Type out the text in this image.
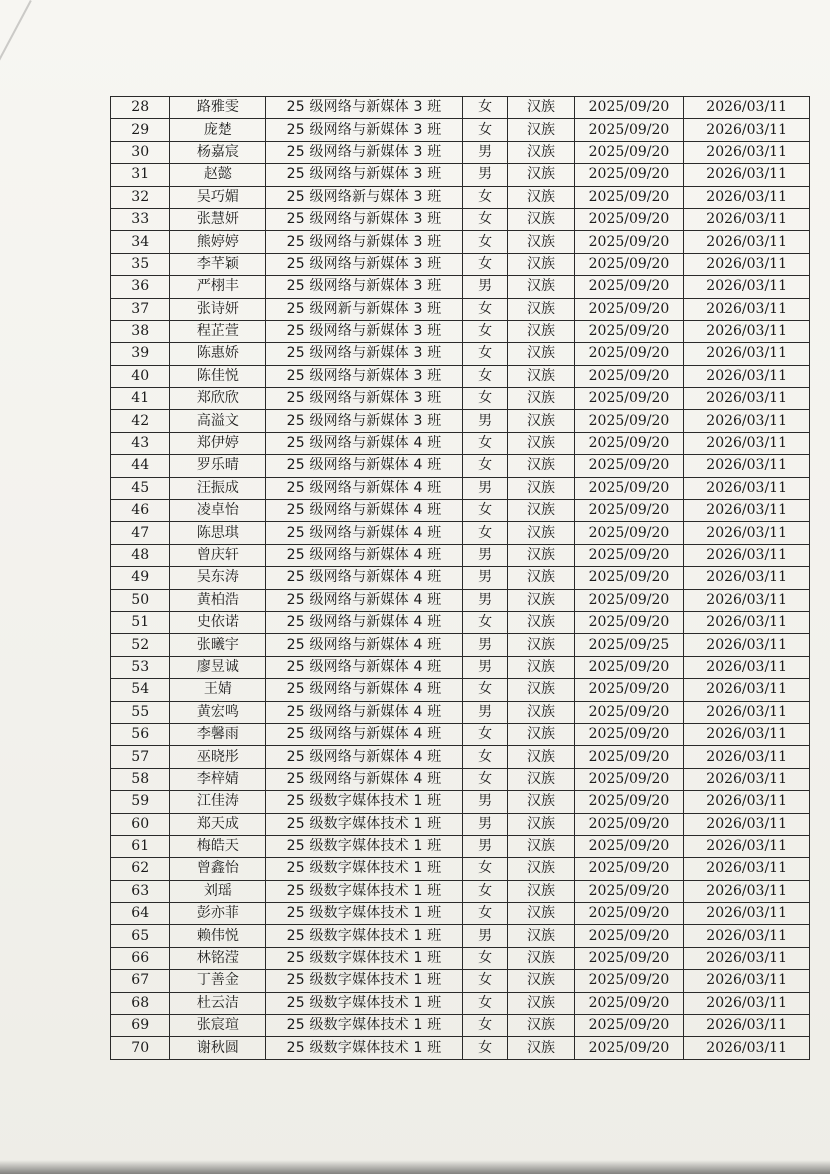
28	路雅雯	25 级网络与新媒体 3 班	女	汉族	2025/09/20	2026/03/11
29	庞楚	25 级网络与新媒体 3 班	女	汉族	2025/09/20	2026/03/11
30	杨嘉宸	25 级网络与新媒体 3 班	男	汉族	2025/09/20	2026/03/11
31	赵懿	25 级网络与新媒体 3 班	男	汉族	2025/09/20	2026/03/11
32	吴巧媚	25 级网络新与媒体 3 班	女	汉族	2025/09/20	2026/03/11
33	张慧妍	25 级网络与新媒体 3 班	女	汉族	2025/09/20	2026/03/11
34	熊婷婷	25 级网络与新媒体 3 班	女	汉族	2025/09/20	2026/03/11
35	李芊颖	25 级网络与新媒体 3 班	女	汉族	2025/09/20	2026/03/11
36	严栩丰	25 级网络与新媒体 3 班	男	汉族	2025/09/20	2026/03/11
37	张诗妍	25 级网新与新媒体 3 班	女	汉族	2025/09/20	2026/03/11
38	程芷萱	25 级网络与新媒体 3 班	女	汉族	2025/09/20	2026/03/11
39	陈惠娇	25 级网络与新媒体 3 班	女	汉族	2025/09/20	2026/03/11
40	陈佳悦	25 级网络与新媒体 3 班	女	汉族	2025/09/20	2026/03/11
41	郑欣欣	25 级网络与新媒体 3 班	女	汉族	2025/09/20	2026/03/11
42	高溢文	25 级网络与新媒体 3 班	男	汉族	2025/09/20	2026/03/11
43	郑伊婷	25 级网络与新媒体 4 班	女	汉族	2025/09/20	2026/03/11
44	罗乐晴	25 级网络与新媒体 4 班	女	汉族	2025/09/20	2026/03/11
45	汪振成	25 级网络与新媒体 4 班	男	汉族	2025/09/20	2026/03/11
46	凌卓怡	25 级网络与新媒体 4 班	女	汉族	2025/09/20	2026/03/11
47	陈思琪	25 级网络与新媒体 4 班	女	汉族	2025/09/20	2026/03/11
48	曾庆轩	25 级网络与新媒体 4 班	男	汉族	2025/09/20	2026/03/11
49	吴东涛	25 级网络与新媒体 4 班	男	汉族	2025/09/20	2026/03/11
50	黄柏浩	25 级网络与新媒体 4 班	男	汉族	2025/09/20	2026/03/11
51	史依诺	25 级网络与新媒体 4 班	女	汉族	2025/09/20	2026/03/11
52	张曦宇	25 级网络与新媒体 4 班	男	汉族	2025/09/25	2026/03/11
53	廖昱诚	25 级网络与新媒体 4 班	男	汉族	2025/09/20	2026/03/11
54	王婧	25 级网络与新媒体 4 班	女	汉族	2025/09/20	2026/03/11
55	黄宏鸣	25 级网络与新媒体 4 班	男	汉族	2025/09/20	2026/03/11
56	李馨雨	25 级网络与新媒体 4 班	女	汉族	2025/09/20	2026/03/11
57	巫晓彤	25 级网络与新媒体 4 班	女	汉族	2025/09/20	2026/03/11
58	李梓婧	25 级网络与新媒体 4 班	女	汉族	2025/09/20	2026/03/11
59	江佳涛	25 级数字媒体技术 1 班	男	汉族	2025/09/20	2026/03/11
60	郑天成	25 级数字媒体技术 1 班	男	汉族	2025/09/20	2026/03/11
61	梅皓天	25 级数字媒体技术 1 班	男	汉族	2025/09/20	2026/03/11
62	曾鑫怡	25 级数字媒体技术 1 班	女	汉族	2025/09/20	2026/03/11
63	刘瑶	25 级数字媒体技术 1 班	女	汉族	2025/09/20	2026/03/11
64	彭亦菲	25 级数字媒体技术 1 班	女	汉族	2025/09/20	2026/03/11
65	赖伟悦	25 级数字媒体技术 1 班	男	汉族	2025/09/20	2026/03/11
66	林铭滢	25 级数字媒体技术 1 班	女	汉族	2025/09/20	2026/03/11
67	丁善金	25 级数字媒体技术 1 班	女	汉族	2025/09/20	2026/03/11
68	杜云洁	25 级数字媒体技术 1 班	女	汉族	2025/09/20	2026/03/11
69	张宸瑄	25 级数字媒体技术 1 班	女	汉族	2025/09/20	2026/03/11
70	谢秋圆	25 级数字媒体技术 1 班	女	汉族	2025/09/20	2026/03/11
